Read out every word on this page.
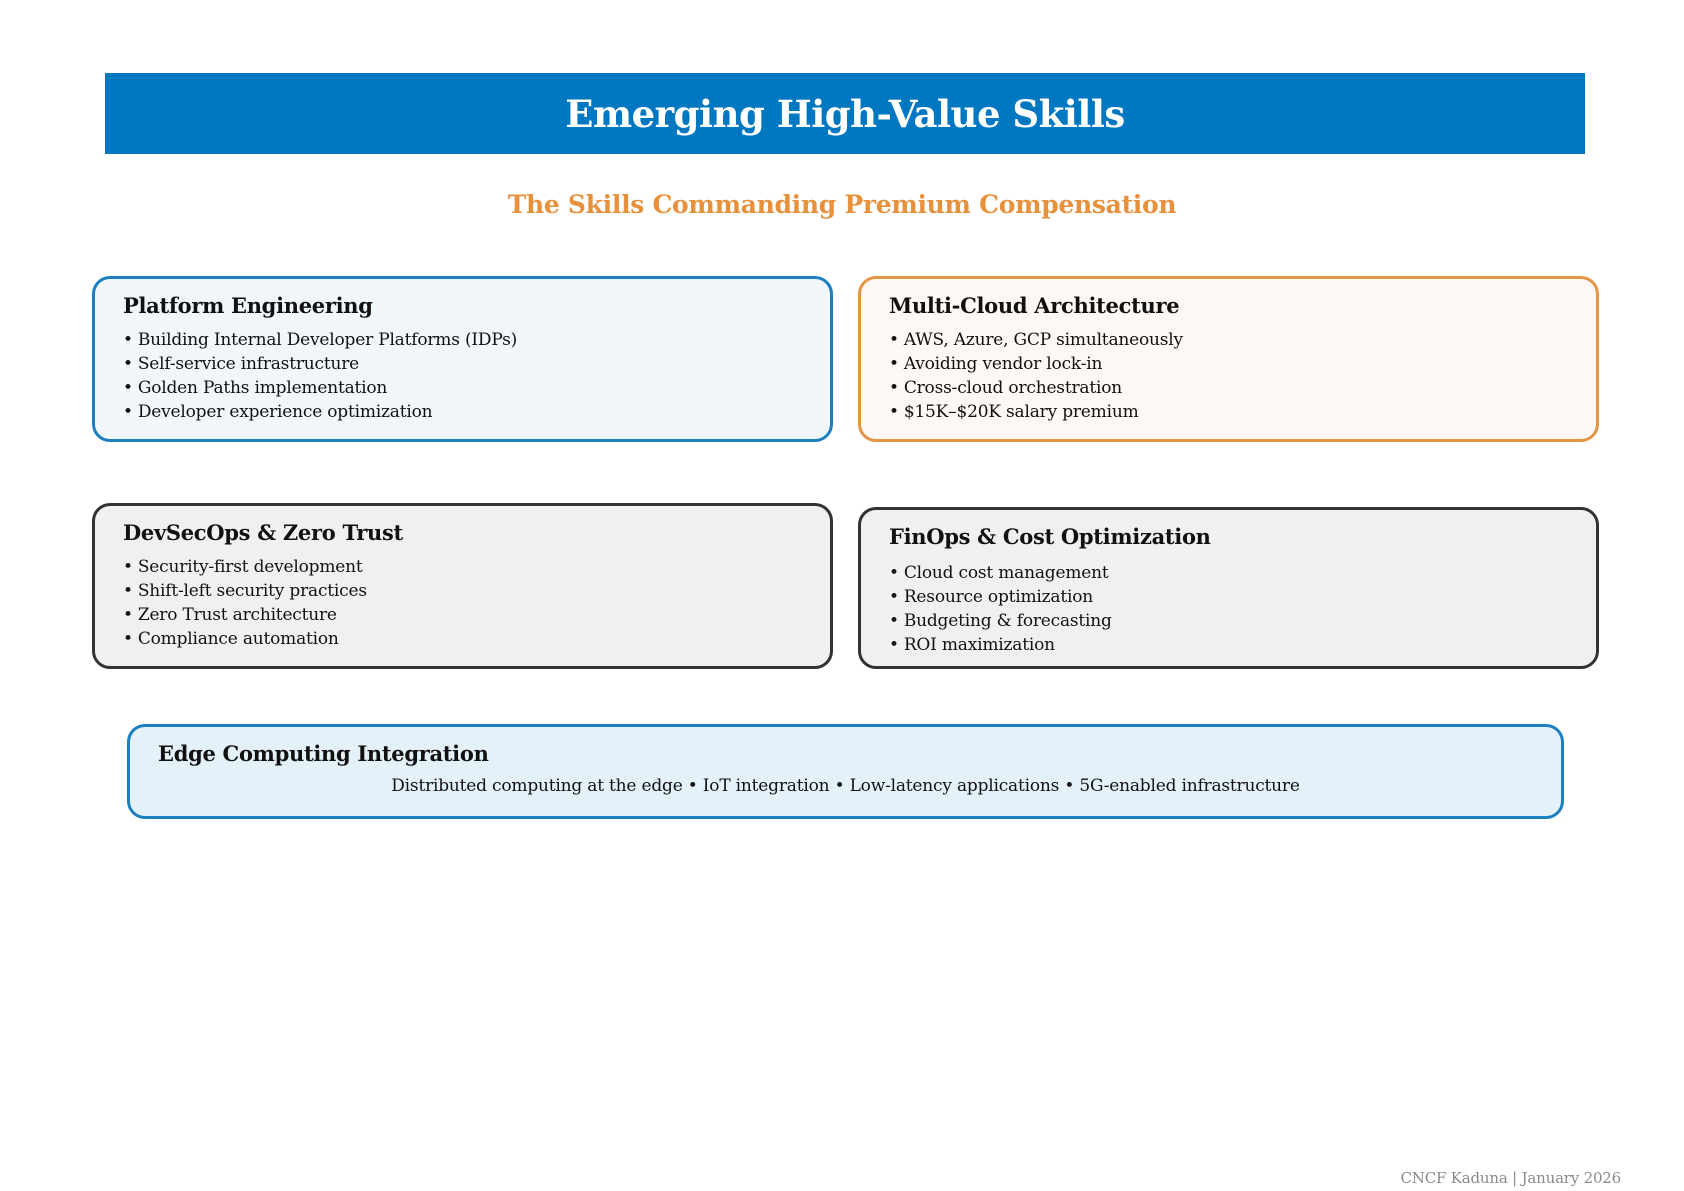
Emerging High-Value Skills
The Skills Commanding Premium Compensation
Platform Engineering
• Building Internal Developer Platforms (IDPs)
• Self-service infrastructure
• Golden Paths implementation
• Developer experience optimization
Multi-Cloud Architecture
• AWS, Azure, GCP simultaneously
• Avoiding vendor lock-in
• Cross-cloud orchestration
• $15K–$20K salary premium
DevSecOps & Zero Trust
• Security-first development
• Shift-left security practices
• Zero Trust architecture
• Compliance automation
FinOps & Cost Optimization
• Cloud cost management
• Resource optimization
• Budgeting & forecasting
• ROI maximization
Edge Computing Integration
Distributed computing at the edge • IoT integration • Low-latency applications • 5G-enabled infrastructure
CNCF Kaduna | January 2026
